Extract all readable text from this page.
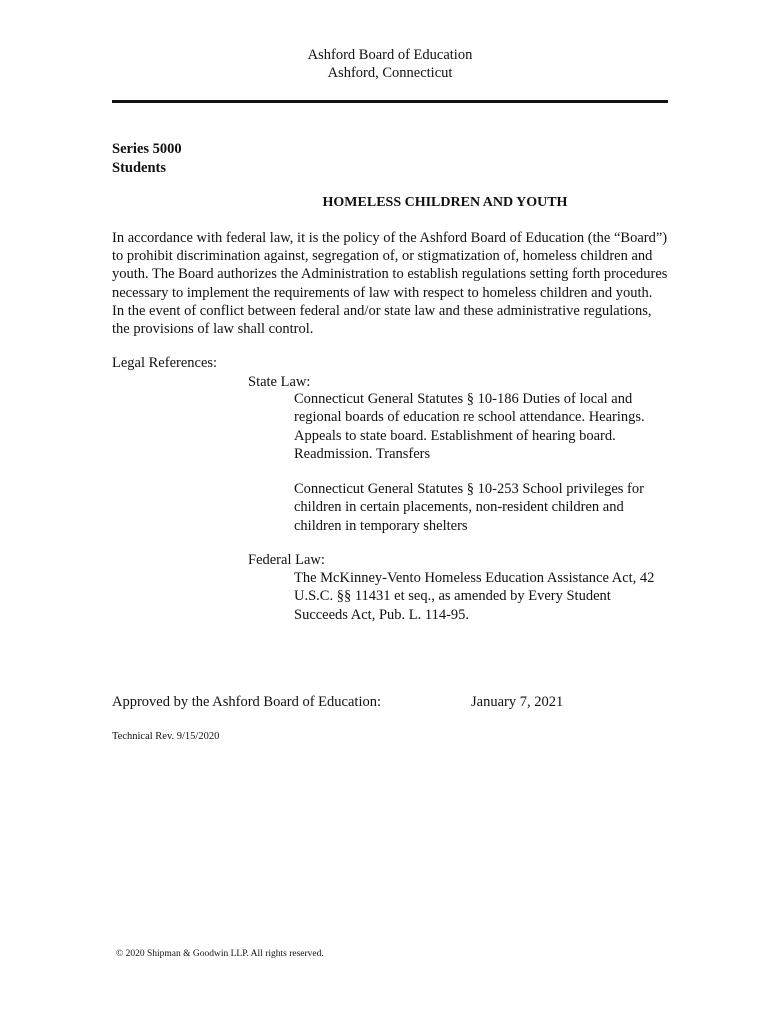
Ashford Board of Education
Ashford, Connecticut
Series 5000
Students
HOMELESS CHILDREN AND YOUTH

In accordance with federal law, it is the policy of the Ashford Board of Education (the “Board”) to prohibit discrimination against, segregation of, or stigmatization of, homeless children and youth. The Board authorizes the Administration to establish regulations setting forth procedures necessary to implement the requirements of law with respect to homeless children and youth. In the event of conflict between federal and/or state law and these administrative regulations, the provisions of law shall control.

Legal References:
State Law:

Connecticut General Statutes § 10-186 Duties of local and regional boards of education re school attendance. Hearings. Appeals to state board. Establishment of hearing board. Readmission. Transfers

Connecticut General Statutes § 10-253 School privileges for children in certain placements, non-resident children and children in temporary shelters

Federal Law:

The McKinney-Vento Homeless Education Assistance Act, 42 U.S.C. §§ 11431 et seq., as amended by Every Student Succeeds Act, Pub. L. 114-95.

Approved by the Ashford Board of Education:	January 7, 2021
Technical Rev. 9/15/2020
© 2020 Shipman & Goodwin LLP. All rights reserved.
